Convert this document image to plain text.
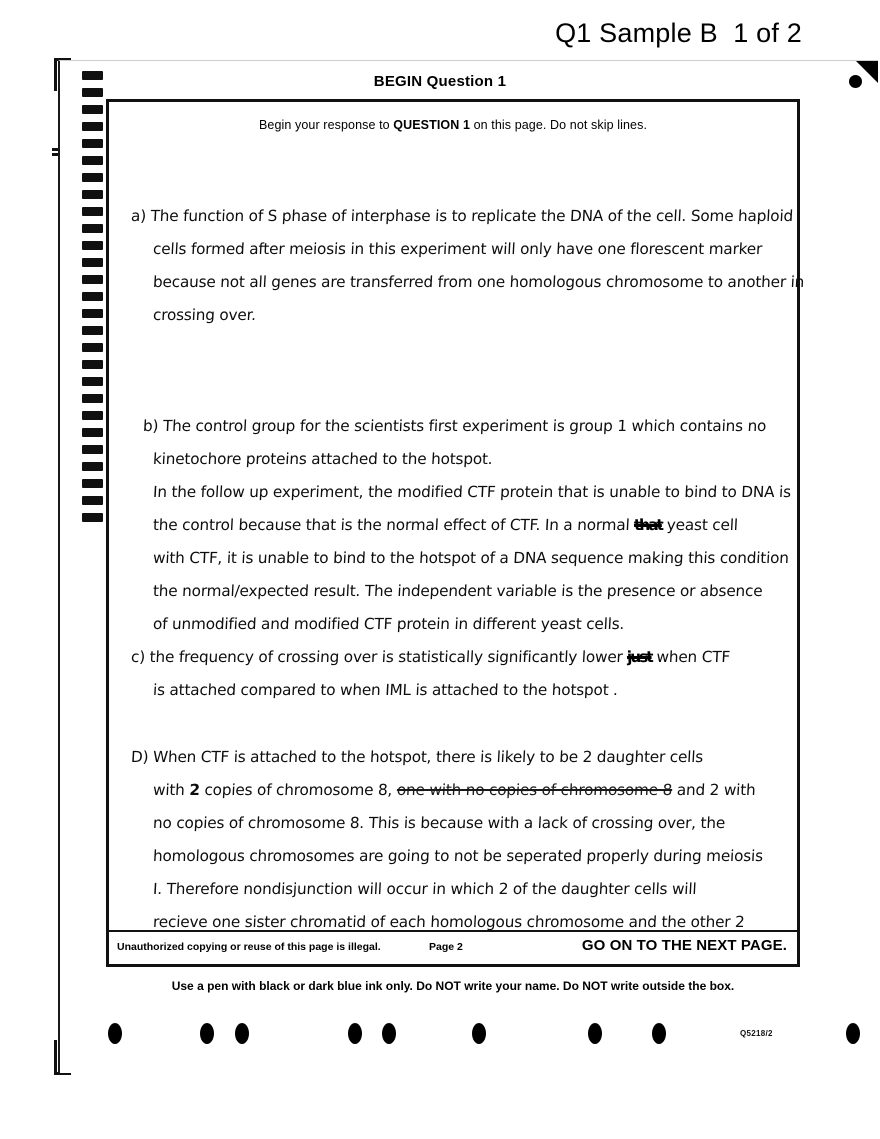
Q1 Sample B  1 of 2
BEGIN Question 1
Begin your response to QUESTION 1 on this page. Do not skip lines.
a) The function of S phase of interphase is to replicate the DNA of the cell. Some haploid
cells formed after meiosis in this experiment will only have one florescent marker
because not all genes are transferred from one homologous chromosome to another in
crossing over.
b) The control group for the scientists first experiment is group 1 which contains no
kinetochore proteins attached to the hotspot.
In the follow up experiment, the modified CTF protein that is unable to bind to DNA is
the control because that is the normal effect of CTF. In a normal that yeast cell
with CTF, it is unable to bind to the hotspot of a DNA sequence making this condition
the normal/expected result. The independent variable is the presence or absence
of unmodified and modified CTF protein in different yeast cells.
c) the frequency of crossing over is statistically significantly lower just when CTF
is attached compared to when IML is attached to the hotspot .
D) When CTF is attached to the hotspot, there is likely to be 2 daughter cells
with 2 copies of chromosome 8, one with no copies of chromosome 8 and 2 with
no copies of chromosome 8. This is because with a lack of crossing over, the
homologous chromosomes are going to not be seperated properly during meiosis
I. Therefore nondisjunction will occur in which 2 of the daughter cells will
recieve one sister chromatid of each homologous chromosome and the other 2
Unauthorized copying or reuse of this page is illegal.	Page 2	GO ON TO THE NEXT PAGE.
Use a pen with black or dark blue ink only. Do NOT write your name. Do NOT write outside the box.
Q5218/2
